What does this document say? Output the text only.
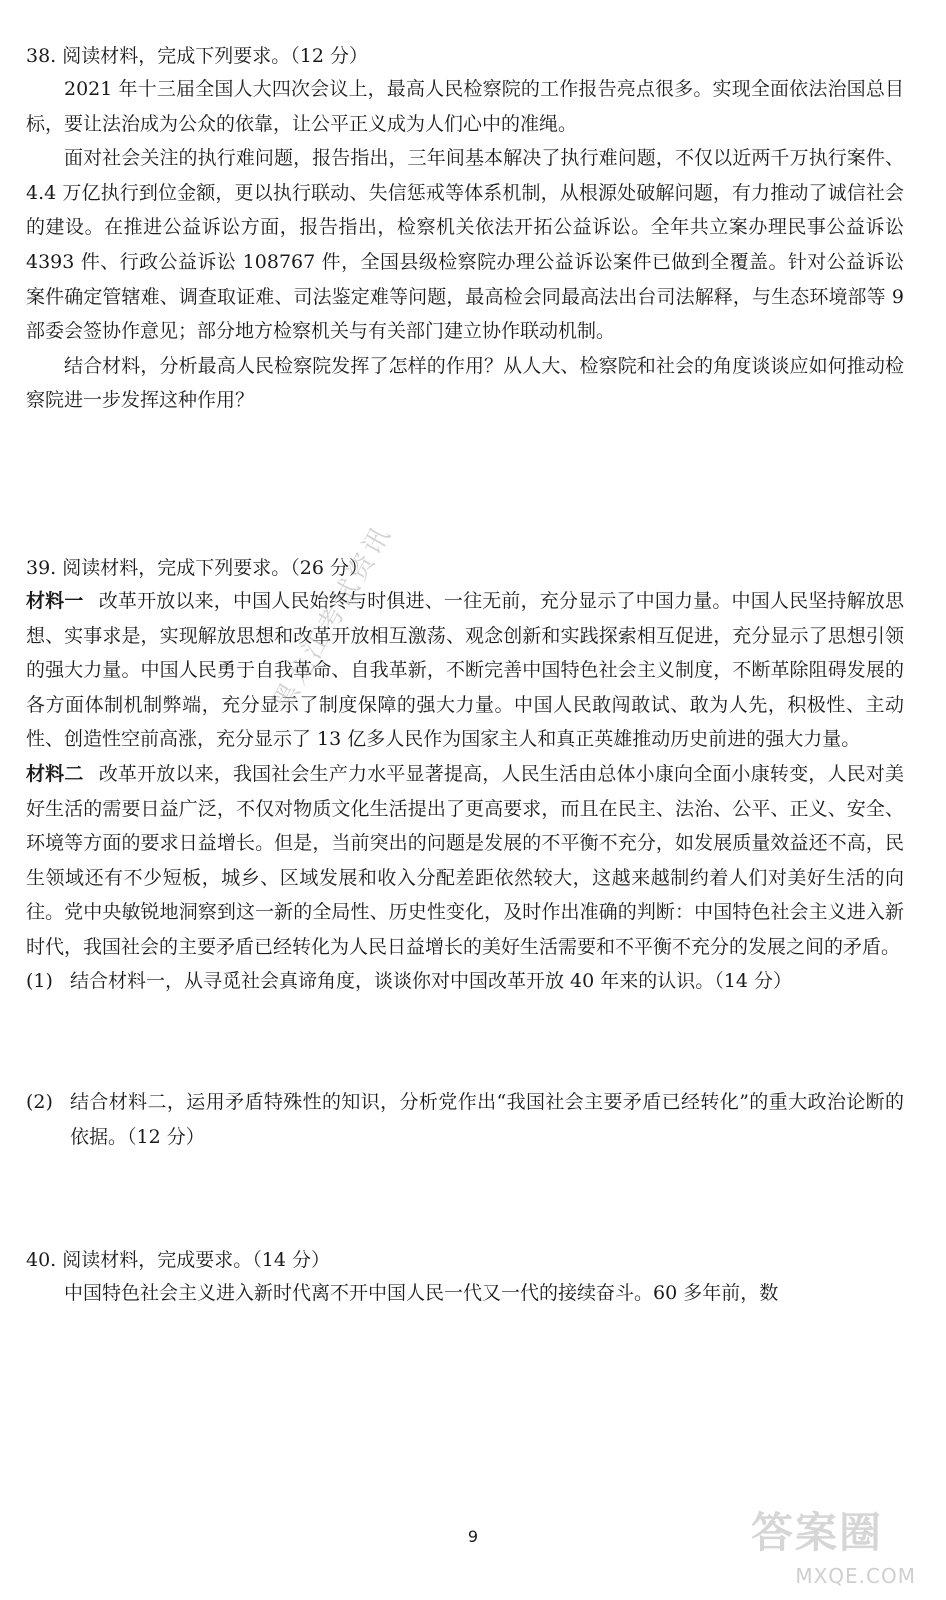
38. 阅读材料，完成下列要求。（12 分）

2021 年十三届全国人大四次会议上，最高人民检察院的工作报告亮点很多。实现全面依法治国总目标，要让法治成为公众的依靠，让公平正义成为人们心中的准绳。

面对社会关注的执行难问题，报告指出，三年间基本解决了执行难问题，不仅以近两千万执行案件、4.4 万亿执行到位金额，更以执行联动、失信惩戒等体系机制，从根源处破解问题，有力推动了诚信社会的建设。在推进公益诉讼方面，报告指出，检察机关依法开拓公益诉讼。全年共立案办理民事公益诉讼 4393 件、行政公益诉讼 108767 件，全国县级检察院办理公益诉讼案件已做到全覆盖。针对公益诉讼案件确定管辖难、调查取证难、司法鉴定难等问题，最高检会同最高法出台司法解释，与生态环境部等 9 部委会签协作意见；部分地方检察机关与有关部门建立协作联动机制。

结合材料，分析最高人民检察院发挥了怎样的作用？从人大、检察院和社会的角度谈谈应如何推动检察院进一步发挥这种作用？

39. 阅读材料，完成下列要求。（26 分）

材料一 改革开放以来，中国人民始终与时俱进、一往无前，充分显示了中国力量。中国人民坚持解放思想、实事求是，实现解放思想和改革开放相互激荡、观念创新和实践探索相互促进，充分显示了思想引领的强大力量。中国人民勇于自我革命、自我革新，不断完善中国特色社会主义制度，不断革除阻碍发展的各方面体制机制弊端，充分显示了制度保障的强大力量。中国人民敢闯敢试、敢为人先，积极性、主动性、创造性空前高涨，充分显示了 13 亿多人民作为国家主人和真正英雄推动历史前进的强大力量。

材料二 改革开放以来，我国社会生产力水平显著提高，人民生活由总体小康向全面小康转变，人民对美好生活的需要日益广泛，不仅对物质文化生活提出了更高要求，而且在民主、法治、公平、正义、安全、环境等方面的要求日益增长。但是，当前突出的问题是发展的不平衡不充分，如发展质量效益还不高，民生领域还有不少短板，城乡、区域发展和收入分配差距依然较大，这越来越制约着人们对美好生活的向往。党中央敏锐地洞察到这一新的全局性、历史性变化，及时作出准确的判断：中国特色社会主义进入新时代，我国社会的主要矛盾已经转化为人民日益增长的美好生活需要和不平衡不充分的发展之间的矛盾。

(1) 结合材料一，从寻觅社会真谛角度，谈谈你对中国改革开放 40 年来的认识。（14 分）
(2) 结合材料二，运用矛盾特殊性的知识，分析党作出“我国社会主要矛盾已经转化”的重大政治论断的依据。（12 分）

40. 阅读材料，完成要求。（14 分）

中国特色社会主义进入新时代离不开中国人民一代又一代的接续奋斗。60 多年前，数

黑龙江考试资讯
9	答案圈
MXQE.COM
